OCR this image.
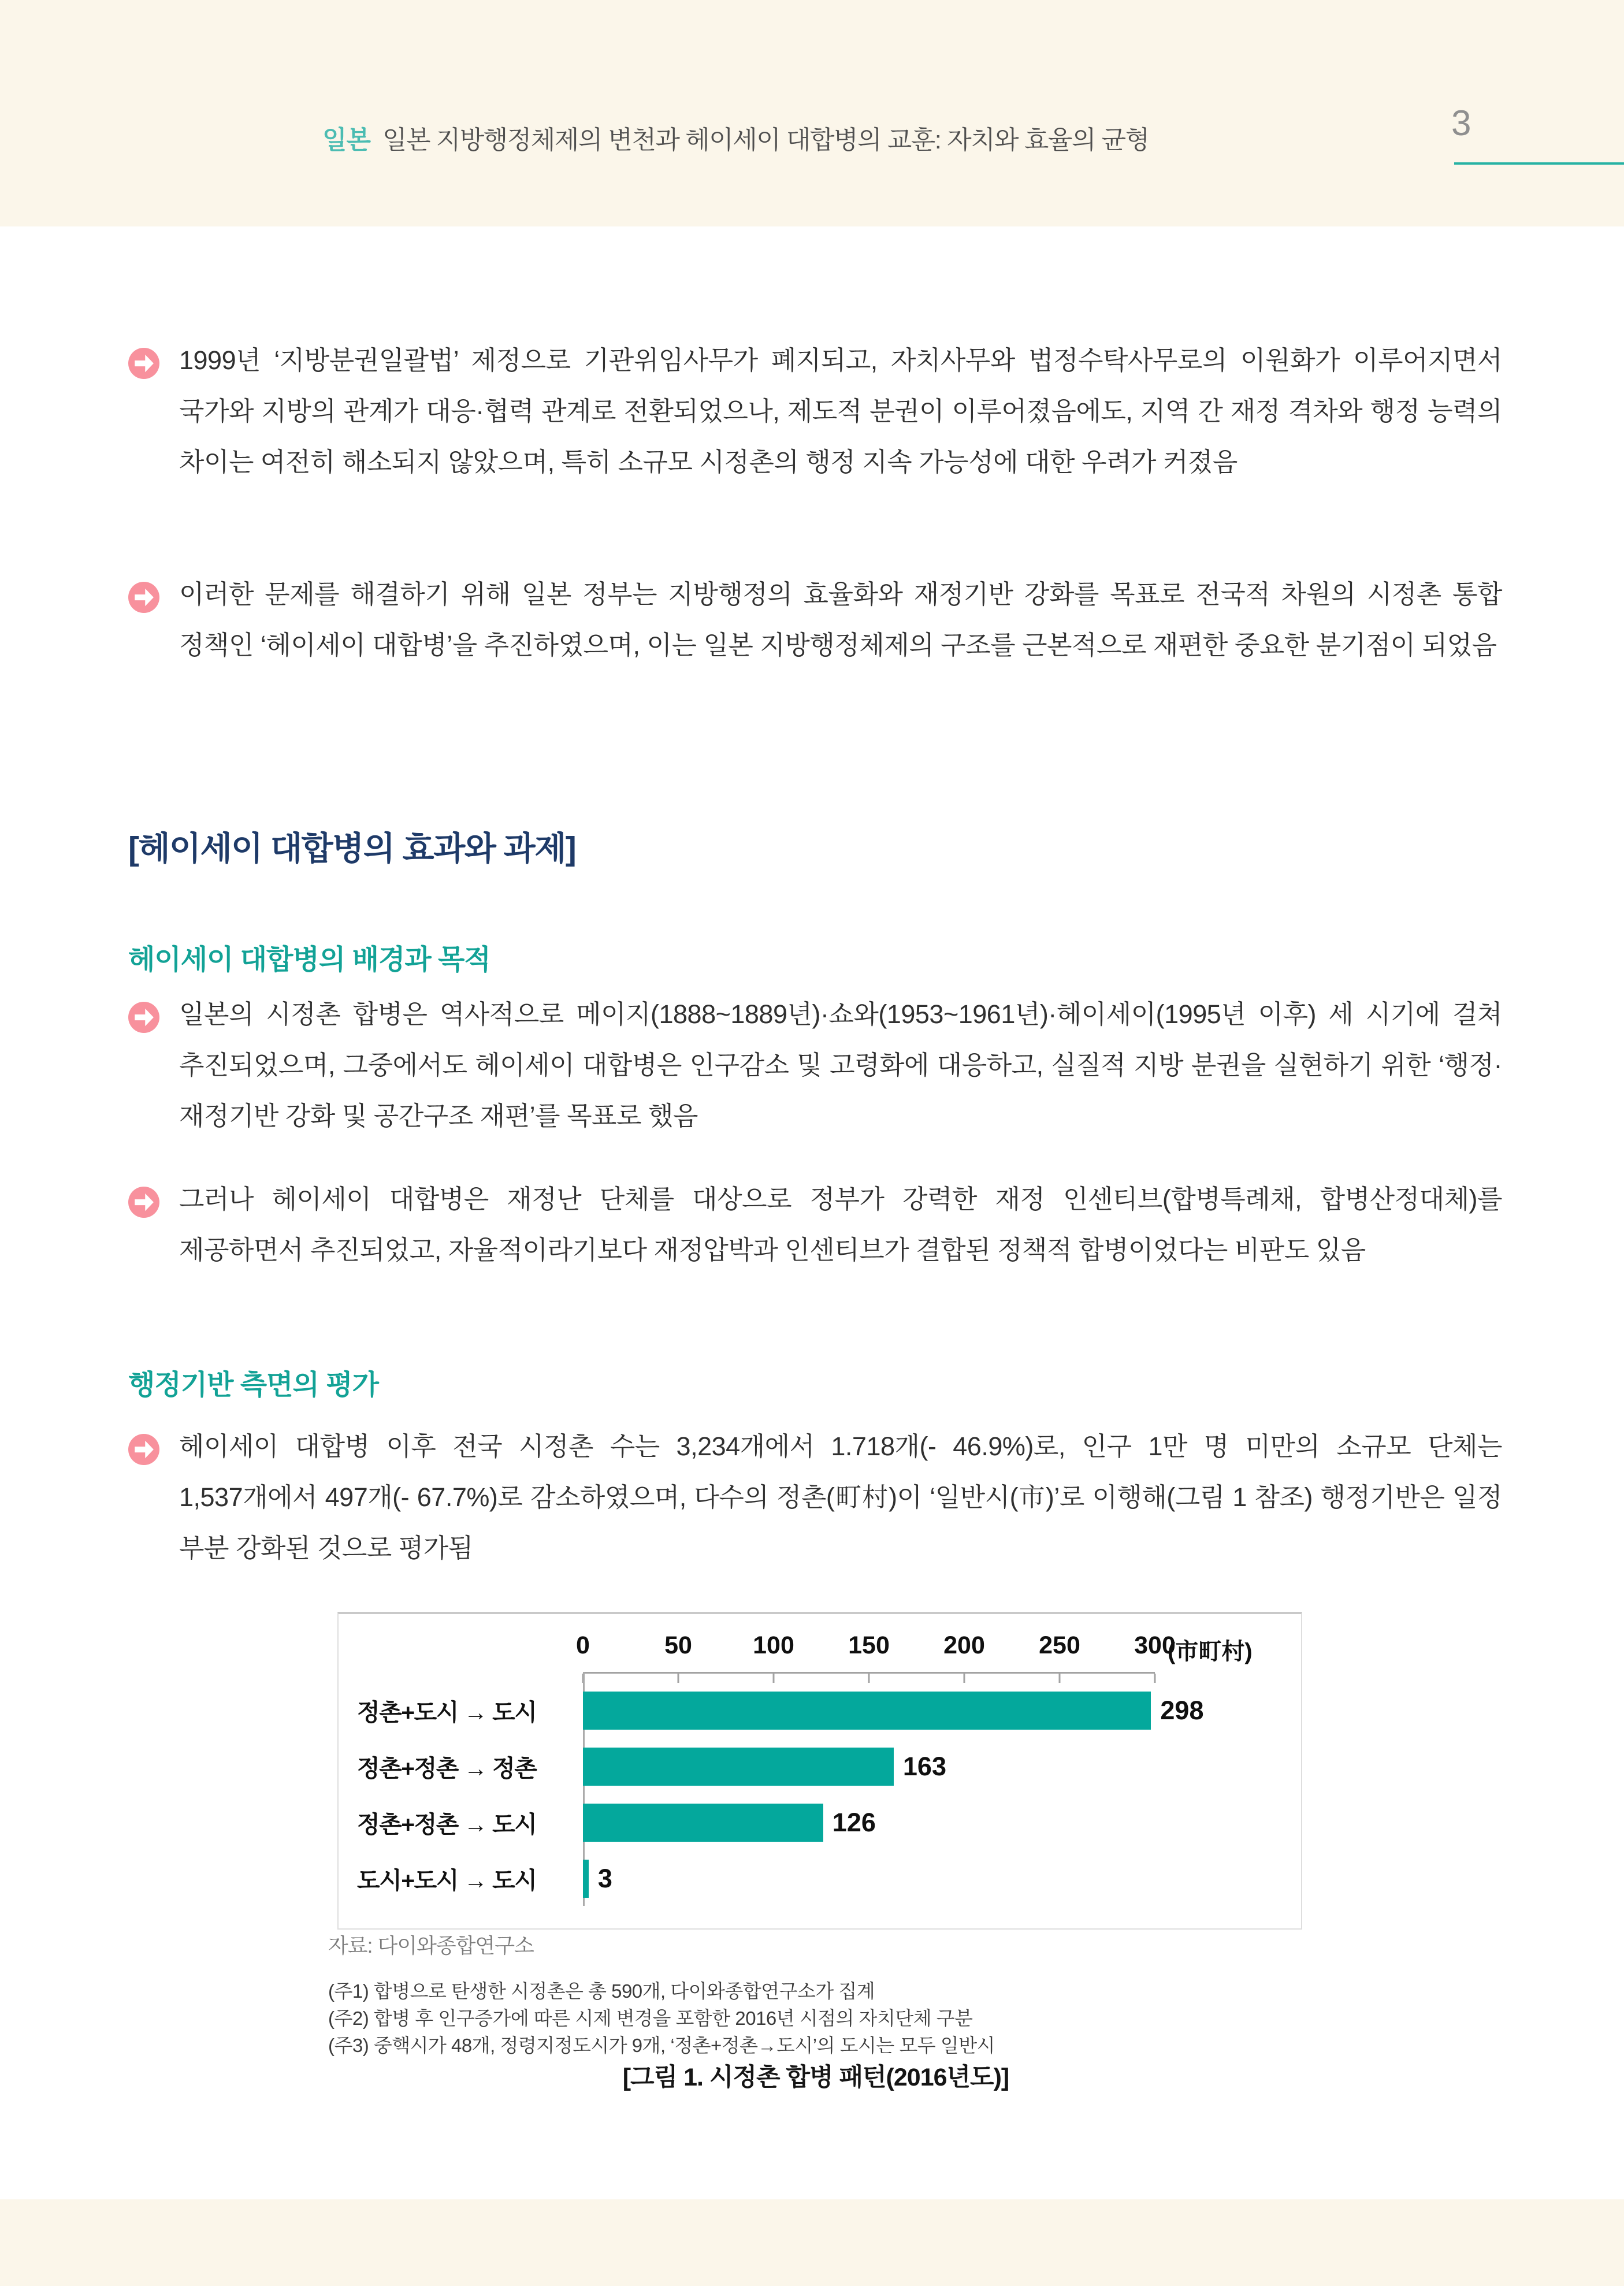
일본 일본 지방행정체제의 변천과 헤이세이 대합병의 교훈: 자치와 효율의 균형	3
1999년 ‘지방분권일괄법’ 제정으로 기관위임사무가 폐지되고, 자치사무와 법정수탁사무로의 이원화가 이루어지면서 국가와 지방의 관계가 대응·협력 관계로 전환되었으나, 제도적 분권이 이루어졌음에도, 지역 간 재정 격차와 행정 능력의 차이는 여전히 해소되지 않았으며, 특히 소규모 시정촌의 행정 지속 가능성에 대한 우려가 커졌음
이러한 문제를 해결하기 위해 일본 정부는 지방행정의 효율화와 재정기반 강화를 목표로 전국적 차원의 시정촌 통합 정책인 ‘헤이세이 대합병’을 추진하였으며, 이는 일본 지방행정체제의 구조를 근본적으로 재편한 중요한 분기점이 되었음
[헤이세이 대합병의 효과와 과제]
헤이세이 대합병의 배경과 목적
일본의 시정촌 합병은 역사적으로 메이지(1888~1889년)·쇼와(1953~1961년)·헤이세이(1995년 이후) 세 시기에 걸쳐 추진되었으며, 그중에서도 헤이세이 대합병은 인구감소 및 고령화에 대응하고, 실질적 지방 분권을 실현하기 위한 ‘행정·재정기반 강화 및 공간구조 재편’를 목표로 했음
그러나 헤이세이 대합병은 재정난 단체를 대상으로 정부가 강력한 재정 인센티브(합병특례채, 합병산정대체)를 제공하면서 추진되었고, 자율적이라기보다 재정압박과 인센티브가 결합된 정책적 합병이었다는 비판도 있음
행정기반 측면의 평가
헤이세이 대합병 이후 전국 시정촌 수는 3,234개에서 1.718개(- 46.9%)로, 인구 1만 명 미만의 소규모 단체는 1,537개에서 497개(- 67.7%)로 감소하였으며, 다수의 정촌(町村)이 ‘일반시(市)’로 이행해(그림 1 참조) 행정기반은 일정 부분 강화된 것으로 평가됨
0	50 100 150 200 250 300
(市町村)
정촌+도시 → 도시	298
정촌+정촌 → 정촌	163
정촌+정촌 → 도시	126
도시+도시 → 도시	3

자료: 다이와종합연구소

(주1) 합병으로 탄생한 시정촌은 총 590개, 다이와종합연구소가 집계

(주2) 합병 후 인구증가에 따른 시제 변경을 포함한 2016년 시점의 자치단체 구분

(주3) 중핵시가 48개, 정령지정도시가 9개, ‘정촌+정촌→도시’의 도시는 모두 일반시

[그림 1. 시정촌 합병 패턴(2016년도)]
